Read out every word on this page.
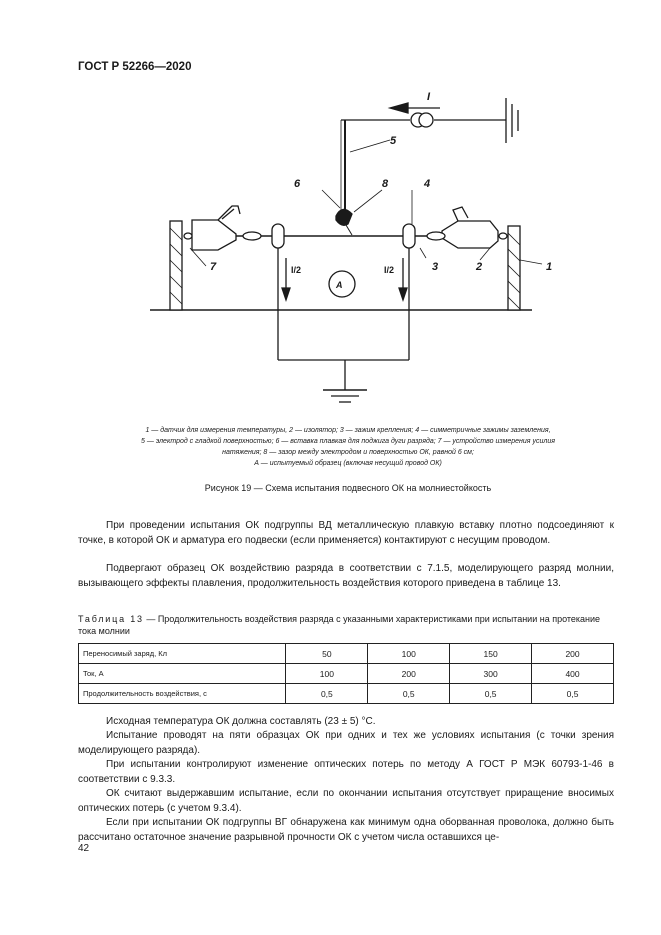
ГОСТ Р 52266—2020
I
5
6	8	4
7	3	2	1
A
I/2	I/2
1 — датчик для измерения температуры, 2 — изолятор; 3 — зажим крепления; 4 — симметричные зажимы заземления,
5 — электрод с гладкой поверхностью; 6 — вставка плавкая для поджига дуги разряда; 7 — устройство измерения усилия
натяжения; 8 — зазор между электродом и поверхностью ОК, равной 6 см;
А — испытуемый образец (включая несущий провод ОК)
Рисунок 19 — Схема испытания подвесного ОК на молниестойкость
При проведении испытания ОК подгруппы ВД металлическую плавкую вставку плотно подсоединяют к точке, в которой ОК и арматура его подвески (если применяется) контактируют с несущим проводом.
Подвергают образец ОК воздействию разряда в соответствии с 7.1.5, моделирующего разряд молнии, вызывающего эффекты плавления, продолжительность воздействия которого приведена в таблице 13.
Таблица 13 — Продолжительность воздействия разряда с указанными характеристиками при испытании на протекание тока молнии
Переносимый заряд, Кл	50	100	150	200
Ток, А	100	200	300	400
Продолжительность воздействия, с	0,5	0,5	0,5	0,5
Исходная температура ОК должна составлять (23 ± 5) °С.
Испытание проводят на пяти образцах ОК при одних и тех же условиях испытания (с точки зрения моделирующего разряда).
При испытании контролируют изменение оптических потерь по методу А ГОСТ Р МЭК 60793-1-46 в соответствии с 9.3.3.
ОК считают выдержавшим испытание, если по окончании испытания отсутствует приращение вносимых оптических потерь (с учетом 9.3.4).
Если при испытании ОК подгруппы ВГ обнаружена как минимум одна оборванная проволока, должно быть рассчитано остаточное значение разрывной прочности ОК с учетом числа оставшихся це-
42
